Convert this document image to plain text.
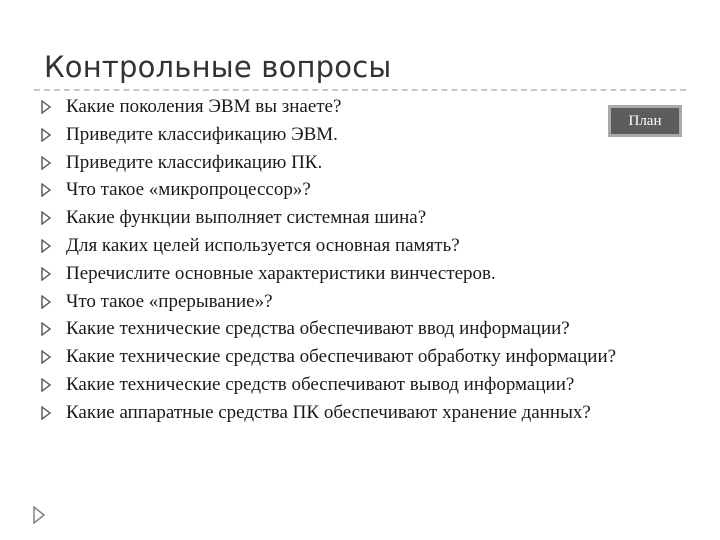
Контрольные вопросы
План
Какие поколения ЭВМ вы знаете?
Приведите классификацию ЭВМ.
Приведите классификацию ПК.
Что такое «микропроцессор»?
Какие функции выполняет системная шина?
Для каких целей используется основная память?
Перечислите основные характеристики винчестеров.
Что такое «прерывание»?
Какие технические средства обеспечивают ввод информации?
Какие технические средства обеспечивают обработку информации?
Какие технические средств обеспечивают вывод информации?
Какие аппаратные средства ПК обеспечивают хранение данных?
